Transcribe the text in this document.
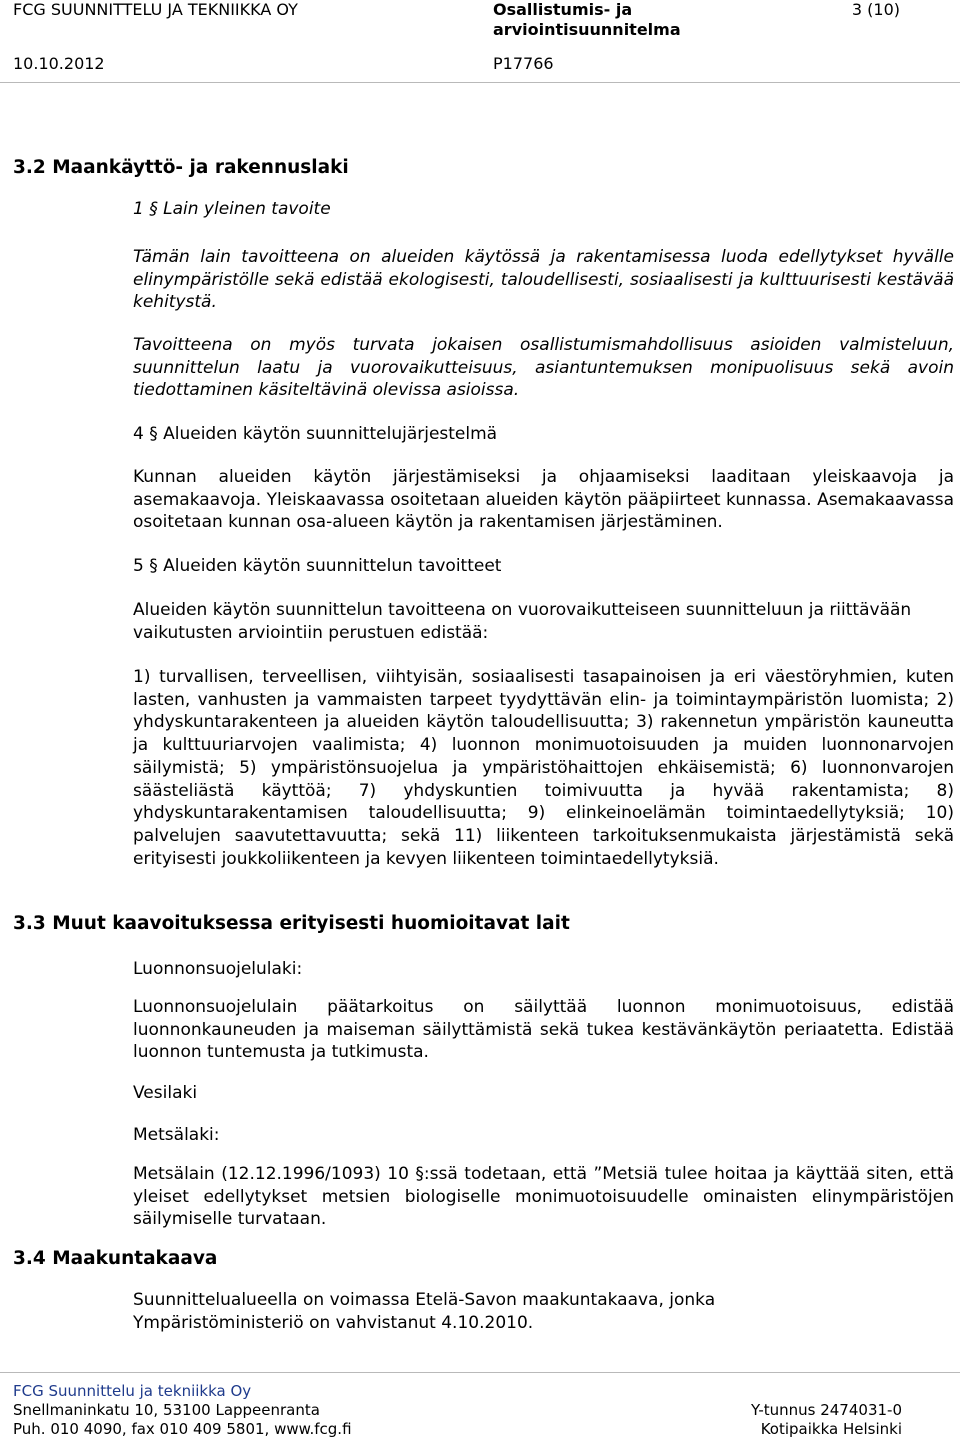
FCG SUUNNITTELU JA TEKNIIKKA OY
10.10.2012
Osallistumis- ja
arviointisuunnitelma
P17766
3 (10)
3.2 Maankäyttö- ja rakennuslaki
1 § Lain yleinen tavoite
Tämän lain tavoitteena on alueiden käytössä ja rakentamisessa luoda edellytykset hyvälle elinympäristölle sekä edistää ekologisesti, taloudellisesti, sosiaalisesti ja kulttuurisesti kestävää kehitystä.
Tavoitteena on myös turvata jokaisen osallistumismahdollisuus asioiden valmisteluun, suunnittelun laatu ja vuorovaikutteisuus, asiantuntemuksen monipuolisuus sekä avoin tiedottaminen käsiteltävinä olevissa asioissa.
4 § Alueiden käytön suunnittelujärjestelmä
Kunnan alueiden käytön järjestämiseksi ja ohjaamiseksi laaditaan yleiskaavoja ja asemakaavoja. Yleiskaavassa osoitetaan alueiden käytön pääpiirteet kunnassa. Asemakaavassa osoitetaan kunnan osa-alueen käytön ja rakentamisen järjestäminen.
5 § Alueiden käytön suunnittelun tavoitteet
Alueiden käytön suunnittelun tavoitteena on vuorovaikutteiseen suunnitteluun ja riittävään vaikutusten arviointiin perustuen edistää:
1) turvallisen, terveellisen, viihtyisän, sosiaalisesti tasapainoisen ja eri väestöryhmien, kuten lasten, vanhusten ja vammaisten tarpeet tyydyttävän elin- ja toimintaympäristön luomista; 2) yhdyskuntarakenteen ja alueiden käytön taloudellisuutta; 3) rakennetun ympäristön kauneutta ja kulttuuriarvojen vaalimista; 4) luonnon monimuotoisuuden ja muiden luonnonarvojen säilymistä; 5) ympäristönsuojelua ja ympäristöhaittojen ehkäisemistä; 6) luonnonvarojen säästeliästä käyttöä; 7) yhdyskuntien toimivuutta ja hyvää rakentamista; 8) yhdyskuntarakentamisen taloudellisuutta; 9) elinkeinoelämän toimintaedellytyksiä; 10) palvelujen saavutettavuutta; sekä 11) liikenteen tarkoituksenmukaista järjestämistä sekä erityisesti joukkoliikenteen ja kevyen liikenteen toimintaedellytyksiä.
3.3 Muut kaavoituksessa erityisesti huomioitavat lait
Luonnonsuojelulaki:
Luonnonsuojelulain päätarkoitus on säilyttää luonnon monimuotoisuus, edistää luonnonkauneuden ja maiseman säilyttämistä sekä tukea kestävänkäytön periaatetta. Edistää luonnon tuntemusta ja tutkimusta.
Vesilaki
Metsälaki:
Metsälain (12.12.1996/1093) 10 §:ssä todetaan, että ”Metsiä tulee hoitaa ja käyttää siten, että yleiset edellytykset metsien biologiselle monimuotoisuudelle ominaisten elinympäristöjen säilymiselle turvataan.
3.4 Maakuntakaava
Suunnittelualueella on voimassa Etelä-Savon maakuntakaava, jonka Ympäristöministeriö on vahvistanut 4.10.2010.
FCG Suunnittelu ja tekniikka Oy
Snellmaninkatu 10, 53100 Lappeenranta	Y-tunnus 2474031-0
Puh. 010 4090, fax 010 409 5801, www.fcg.fi	Kotipaikka Helsinki
